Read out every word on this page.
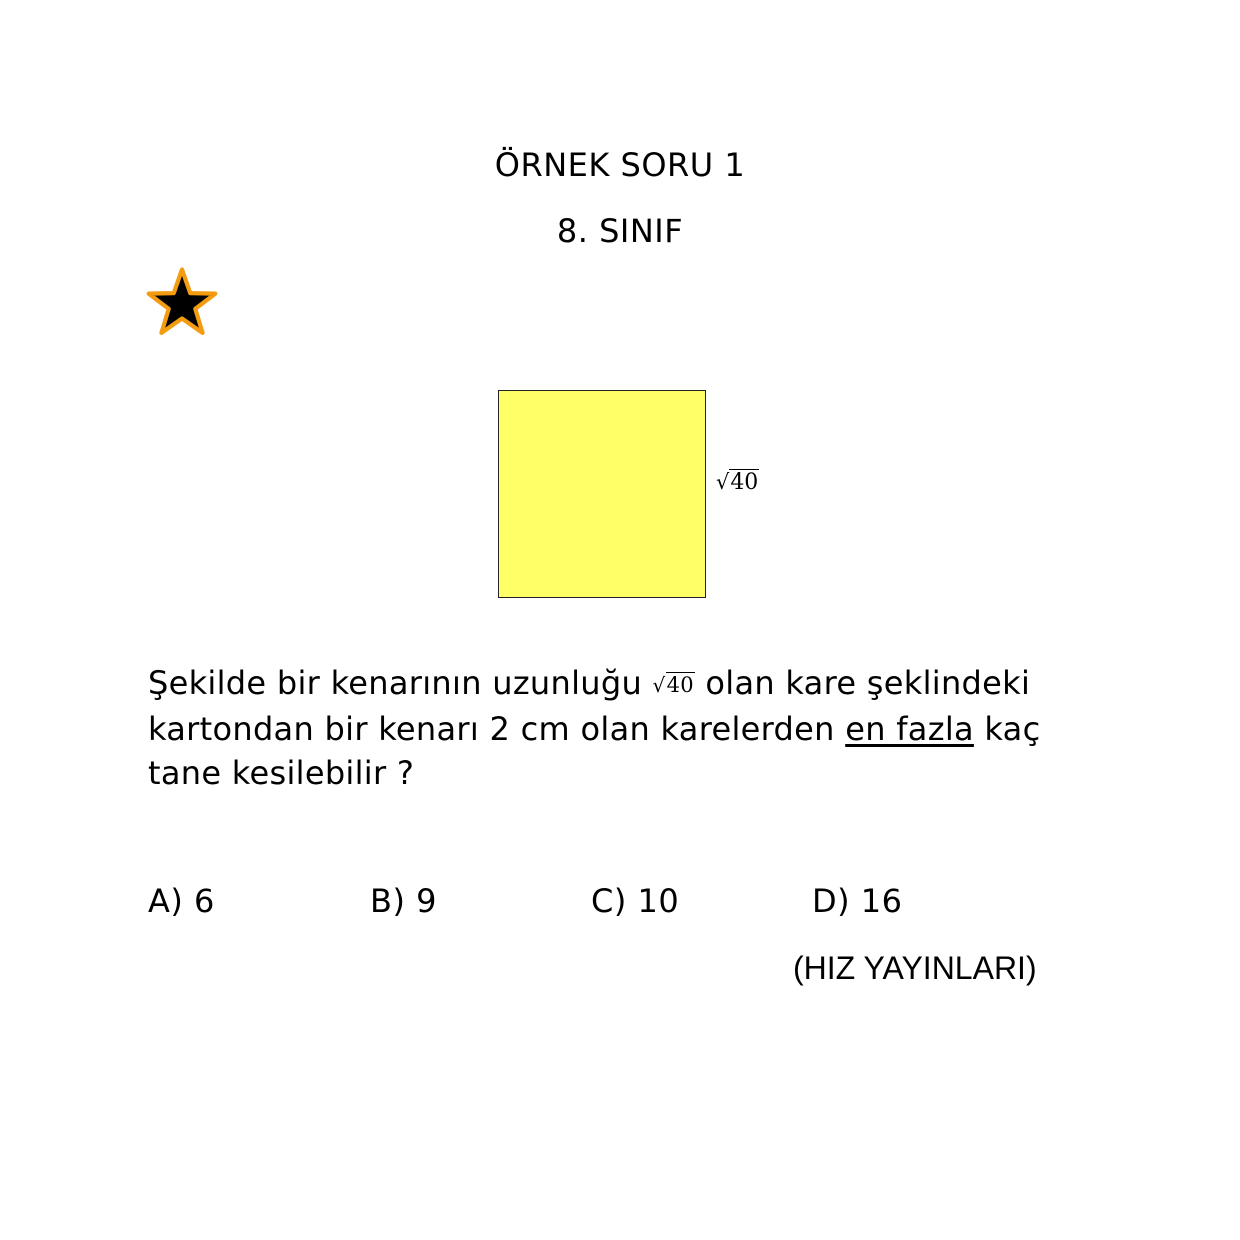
ÖRNEK SORU 1
8. SINIF
√40
Şekilde bir kenarının uzunluğu √40 olan kare şeklindeki kartondan bir kenarı 2 cm olan karelerden en fazla kaç tane kesilebilir ?
A) 6	B) 9	C) 10	D) 16
(HIZ YAYINLARI)
